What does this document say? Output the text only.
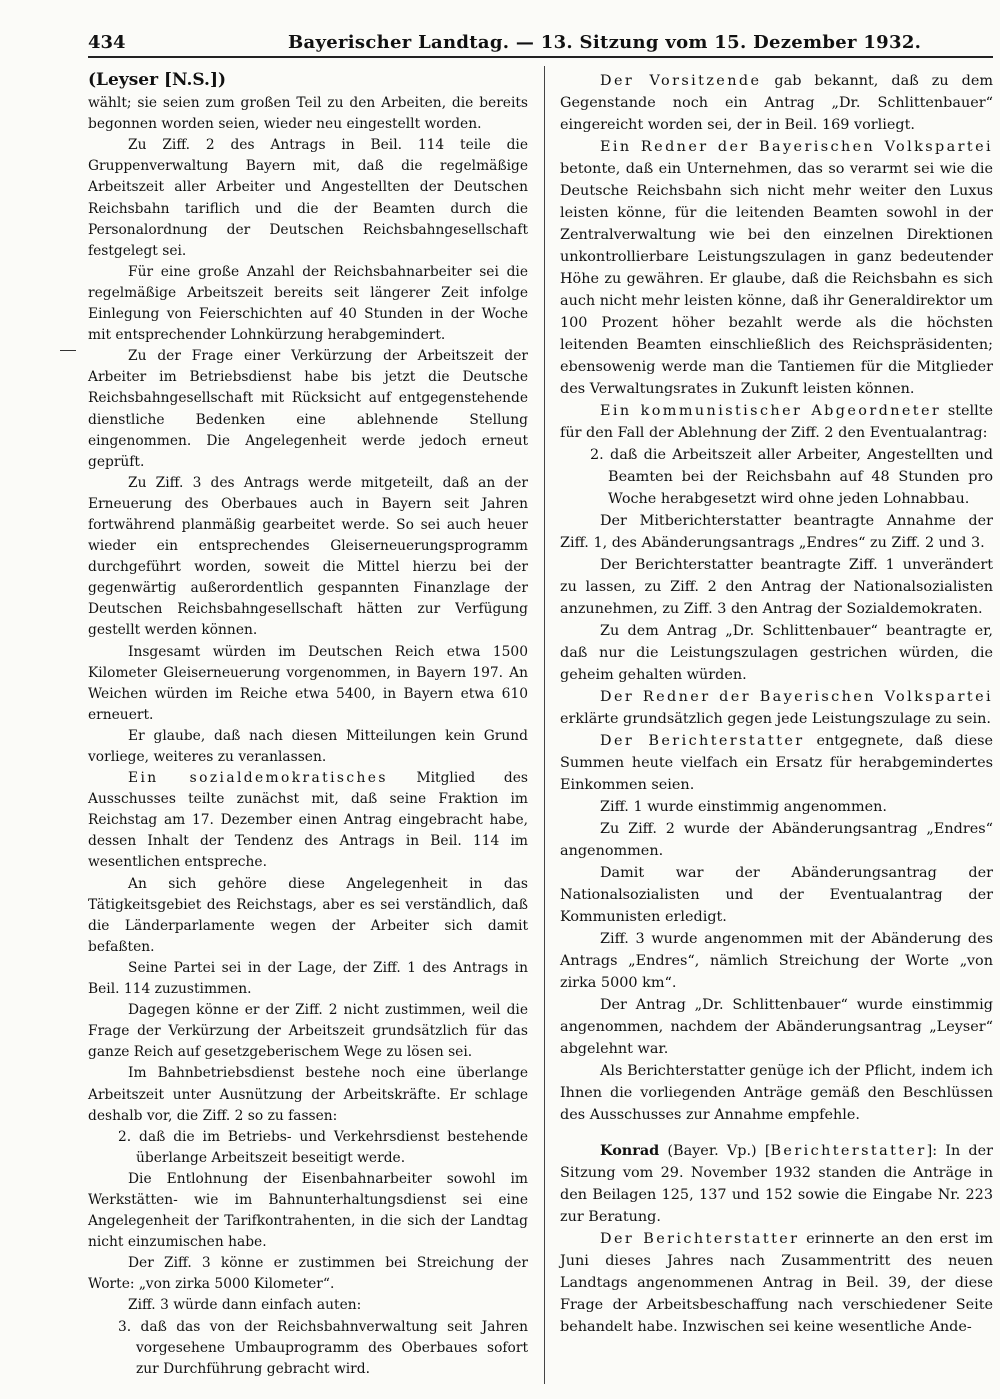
434	Bayerischer Landtag. — 13. Sitzung vom 15. Dezember 1932.

(Leyser [N.S.])

wählt; sie seien zum großen Teil zu den Arbeiten, die bereits begonnen worden seien, wieder neu eingestellt worden.

Zu Ziff. 2 des Antrags in Beil. 114 teile die Gruppenverwaltung Bayern mit, daß die regelmäßige Arbeitszeit aller Arbeiter und Angestellten der Deutschen Reichsbahn tariflich und die der Beamten durch die Personalordnung der Deutschen Reichsbahngesellschaft festgelegt sei.

Für eine große Anzahl der Reichsbahnarbeiter sei die regelmäßige Arbeitszeit bereits seit längerer Zeit infolge Einlegung von Feierschichten auf 40 Stunden in der Woche mit entsprechender Lohnkürzung herabgemindert.

Zu der Frage einer Verkürzung der Arbeitszeit der Arbeiter im Betriebsdienst habe bis jetzt die Deutsche Reichsbahngesellschaft mit Rücksicht auf entgegenstehende dienstliche Bedenken eine ablehnende Stellung eingenommen. Die Angelegenheit werde jedoch erneut geprüft.

Zu Ziff. 3 des Antrags werde mitgeteilt, daß an der Erneuerung des Oberbaues auch in Bayern seit Jahren fortwährend planmäßig gearbeitet werde. So sei auch heuer wieder ein entsprechendes Gleiserneuerungsprogramm durchgeführt worden, soweit die Mittel hierzu bei der gegenwärtig außerordentlich gespannten Finanzlage der Deutschen Reichsbahngesellschaft hätten zur Verfügung gestellt werden können.

Insgesamt würden im Deutschen Reich etwa 1500 Kilometer Gleiserneuerung vorgenommen, in Bayern 197. An Weichen würden im Reiche etwa 5400, in Bayern etwa 610 erneuert.

Er glaube, daß nach diesen Mitteilungen kein Grund vorliege, weiteres zu veranlassen.

Ein sozialdemokratisches Mitglied des Ausschusses teilte zunächst mit, daß seine Fraktion im Reichstag am 17. Dezember einen Antrag eingebracht habe, dessen Inhalt der Tendenz des Antrags in Beil. 114 im wesentlichen entspreche.

An sich gehöre diese Angelegenheit in das Tätigkeitsgebiet des Reichstags, aber es sei verständlich, daß die Länderparlamente wegen der Arbeiter sich damit befaßten.

Seine Partei sei in der Lage, der Ziff. 1 des Antrags in Beil. 114 zuzustimmen.

Dagegen könne er der Ziff. 2 nicht zustimmen, weil die Frage der Verkürzung der Arbeitszeit grundsätzlich für das ganze Reich auf gesetzgeberischem Wege zu lösen sei.

Im Bahnbetriebsdienst bestehe noch eine überlange Arbeitszeit unter Ausnützung der Arbeitskräfte. Er schlage deshalb vor, die Ziff. 2 so zu fassen:

2. daß die im Betriebs- und Verkehrsdienst bestehende überlange Arbeitszeit beseitigt werde.

Die Entlohnung der Eisenbahnarbeiter sowohl im Werkstätten- wie im Bahnunterhaltungsdienst sei eine Angelegenheit der Tarifkontrahenten, in die sich der Landtag nicht einzumischen habe.

Der Ziff. 3 könne er zustimmen bei Streichung der Worte: „von zirka 5000 Kilometer“.

Ziff. 3 würde dann einfach auten:

3. daß das von der Reichsbahnverwaltung seit Jahren vorgesehene Umbauprogramm des Oberbaues sofort zur Durchführung gebracht wird.

Der Vorsitzende gab bekannt, daß zu dem Gegenstande noch ein Antrag „Dr. Schlittenbauer“ eingereicht worden sei, der in Beil. 169 vorliegt.

Ein Redner der Bayerischen Volkspartei betonte, daß ein Unternehmen, das so verarmt sei wie die Deutsche Reichsbahn sich nicht mehr weiter den Luxus leisten könne, für die leitenden Beamten sowohl in der Zentralverwaltung wie bei den einzelnen Direktionen unkontrollierbare Leistungszulagen in ganz bedeutender Höhe zu gewähren. Er glaube, daß die Reichsbahn es sich auch nicht mehr leisten könne, daß ihr Generaldirektor um 100 Prozent höher bezahlt werde als die höchsten leitenden Beamten einschließlich des Reichspräsidenten; ebensowenig werde man die Tantiemen für die Mitglieder des Verwaltungsrates in Zukunft leisten können.

Ein kommunistischer Abgeordneter stellte für den Fall der Ablehnung der Ziff. 2 den Eventualantrag:

2. daß die Arbeitszeit aller Arbeiter, Angestellten und Beamten bei der Reichsbahn auf 48 Stunden pro Woche herabgesetzt wird ohne jeden Lohnabbau.

Der Mitberichterstatter beantragte Annahme der Ziff. 1, des Abänderungsantrags „Endres“ zu Ziff. 2 und 3.

Der Berichterstatter beantragte Ziff. 1 unverändert zu lassen, zu Ziff. 2 den Antrag der Nationalsozialisten anzunehmen, zu Ziff. 3 den Antrag der Sozialdemokraten.

Zu dem Antrag „Dr. Schlittenbauer“ beantragte er, daß nur die Leistungszulagen gestrichen würden, die geheim gehalten würden.

Der Redner der Bayerischen Volkspartei erklärte grundsätzlich gegen jede Leistungszulage zu sein.

Der Berichterstatter entgegnete, daß diese Summen heute vielfach ein Ersatz für herabgemindertes Einkommen seien.

Ziff. 1 wurde einstimmig angenommen.

Zu Ziff. 2 wurde der Abänderungsantrag „Endres“ angenommen.

Damit war der Abänderungsantrag der Nationalsozialisten und der Eventualantrag der Kommunisten erledigt.

Ziff. 3 wurde angenommen mit der Abänderung des Antrags „Endres“, nämlich Streichung der Worte „von zirka 5000 km“.

Der Antrag „Dr. Schlittenbauer“ wurde einstimmig angenommen, nachdem der Abänderungsantrag „Leyser“ abgelehnt war.

Als Berichterstatter genüge ich der Pflicht, indem ich Ihnen die vorliegenden Anträge gemäß den Beschlüssen des Ausschusses zur Annahme empfehle.

Konrad (Bayer. Vp.) [Berichterstatter]: In der Sitzung vom 29. November 1932 standen die Anträge in den Beilagen 125, 137 und 152 sowie die Eingabe Nr. 223 zur Beratung.

Der Berichterstatter erinnerte an den erst im Juni dieses Jahres nach Zusammentritt des neuen Landtags angenommenen Antrag in Beil. 39, der diese Frage der Arbeitsbeschaffung nach verschiedener Seite behandelt habe. Inzwischen sei keine wesentliche Ande-
